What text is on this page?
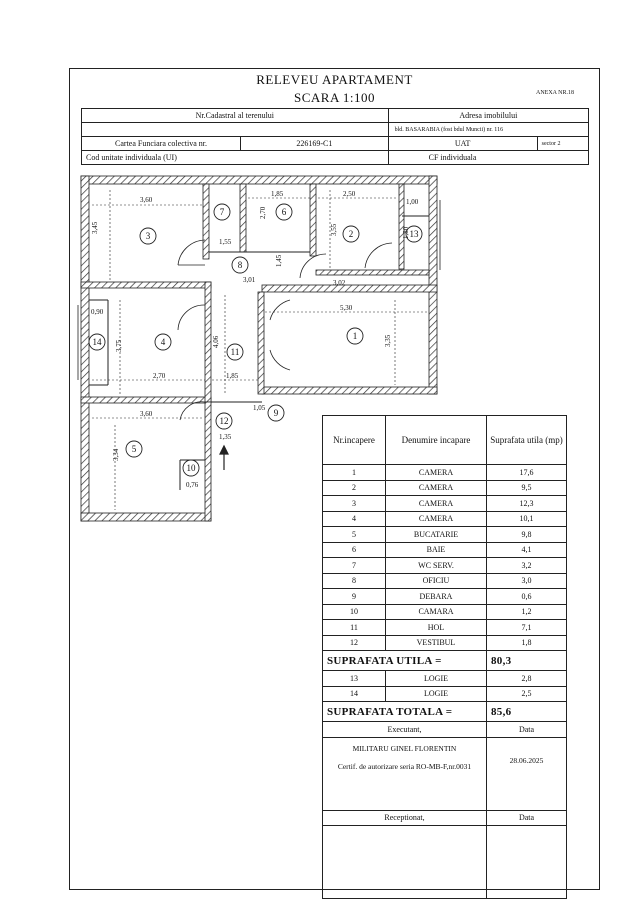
RELEVEU APARTAMENT
SCARA 1:100	ANEXA NR.18
Nr.Cadastral al terenului		Adresa imobilului	
		bld. BASARABIA (fost bdul Muncii) nr. 116	
Cartea Funciara colectiva nr.	226169-C1	UAT	sector 2
Cod unitate individuala (UI)		CF individuala	
1
2
3
4
5
6
7
8
9
10
11
12
13
14
3,60
1,85	2,50
1,00
1,55
3,01	3,02
5,30
3,45
2,70
3,55
1,45
1,80
0,90
3,75	4,06	3,35
2,70	1,85
3,60
1,35
3,34
0,76
1,05
Nr.incapere	Denumire incapare	Suprafata utila (mp)
1	CAMERA	17,6
2	CAMERA	9,5
3	CAMERA	12,3
4	CAMERA	10,1
5	BUCATARIE	9,8
6	BAIE	4,1
7	WC SERV.	3,2
8	OFICIU	3,0
9	DEBARA	0,6
10	CAMARA	1,2
11	HOL	7,1
12	VESTIBUL	1,8
SUPRAFATA UTILA =		80,3
13	LOGIE	2,8
14	LOGIE	2,5
SUPRAFATA TOTALA =		85,6
Executant,		Data

MILITARU GINEL FLORENTIN
Certif. de autorizare seria RO-MB-F,nr.0031		28.06.2025
Receptionat,		Data
